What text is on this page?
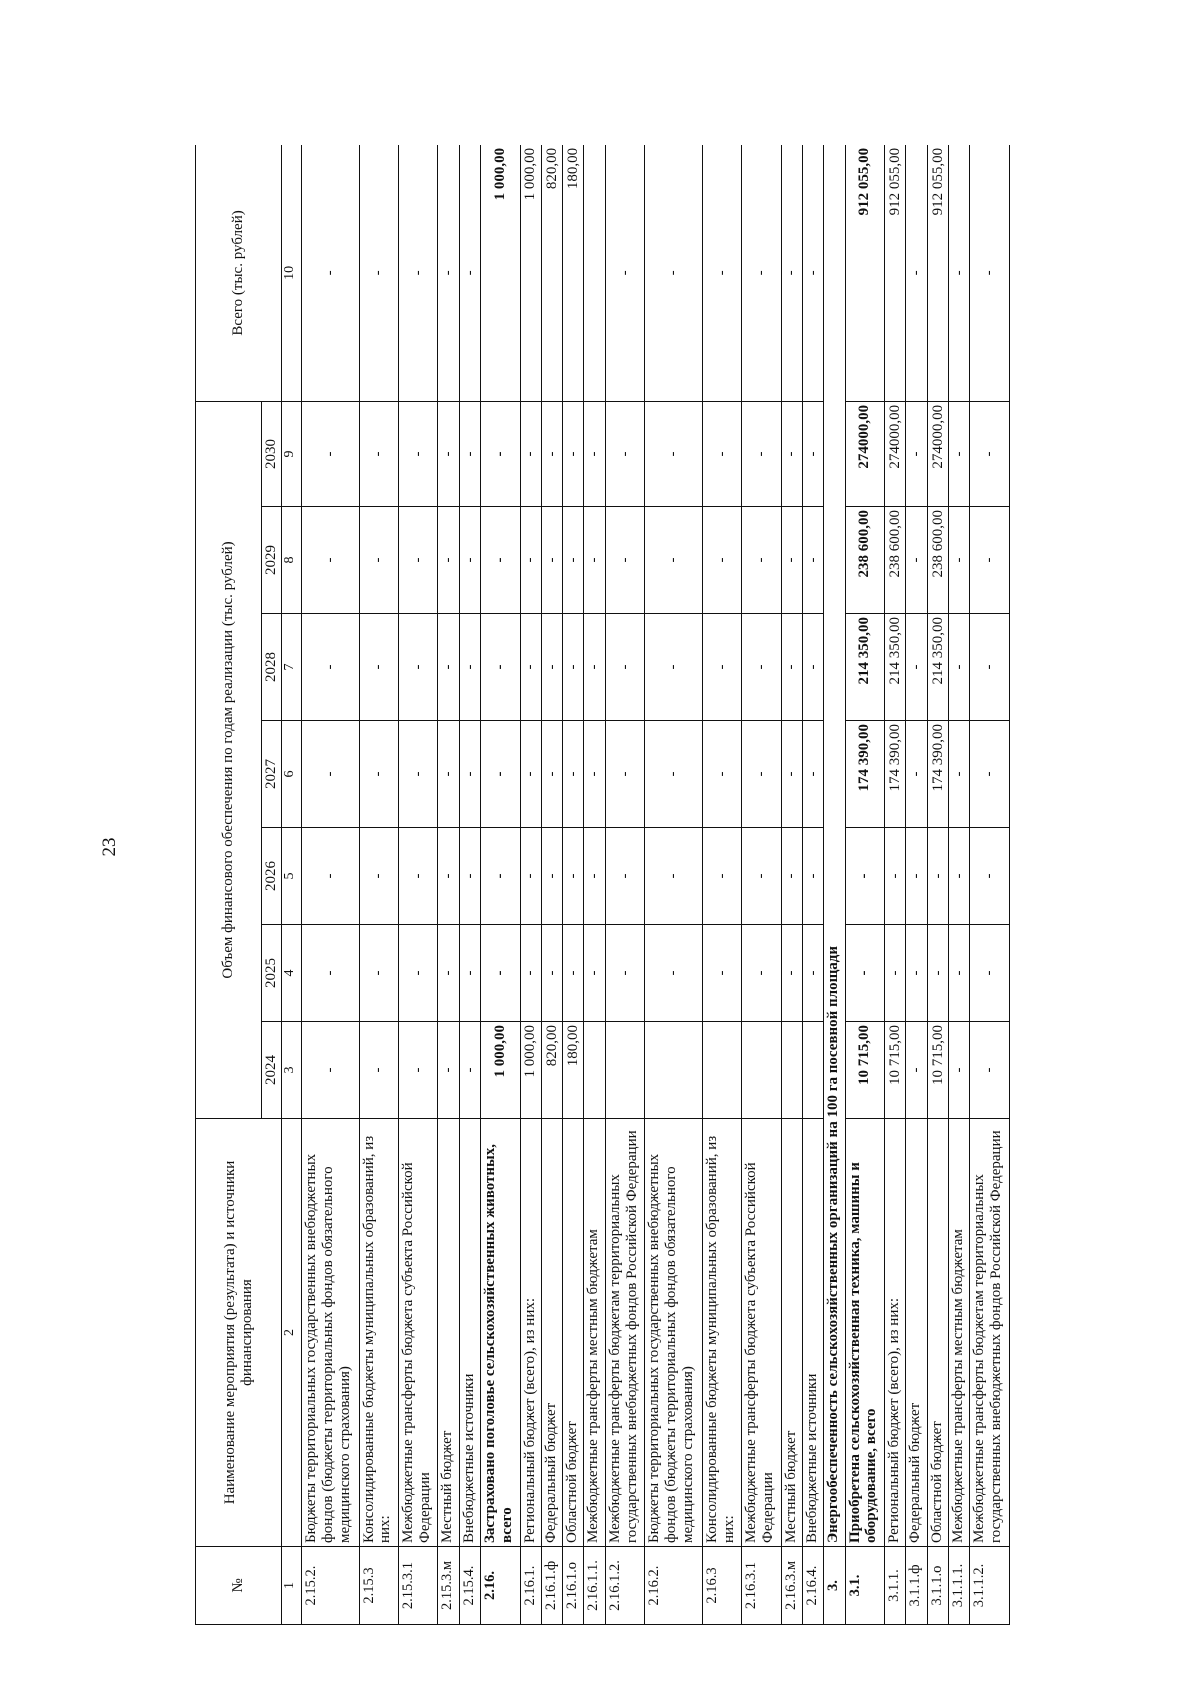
23
№	Наименование мероприятия (результата) и источники финансирования	Объем финансового обеспечения по годам реализации (тыс. рублей)							Всего (тыс. рублей)
		2024	2025	2026	2027	2028	2029	2030	
1	2	3	4	5	6	7	8	9	10
2.15.2.	Бюджеты территориальных государственных внебюджетных фондов (бюджеты территориальных фондов обязательного медицинского страхования)	-	-	-	-	-	-	-	-
2.15.3	Консолидированные бюджеты муниципальных образований, из них:	-	-	-	-	-	-	-	-
2.15.3.1	Межбюджетные трансферты бюджета субъекта Российской Федерации	-	-	-	-	-	-	-	-
2.15.3.м	Местный бюджет	-	-	-	-	-	-	-	-
2.15.4.	Внебюджетные источники	-	-	-	-	-	-	-	-
2.16.	Застраховано поголовье сельскохозяйственных животных, всего	1 000,00	-	-	-	-	-	-	1 000,00
2.16.1.	Региональный бюджет (всего), из них:	1 000,00	-	-	-	-	-	-	1 000,00
2.16.1.ф	Федеральный бюджет	820,00	-	-	-	-	-	-	820,00
2.16.1.о	Областной бюджет	180,00	-	-	-	-	-	-	180,00
2.16.1.1.	Межбюджетные трансферты местным бюджетам		-	-	-	-	-	-	
2.16.1.2.	Межбюджетные трансферты бюджетам территориальных государственных внебюджетных фондов Российской Федерации		-	-	-	-	-	-	-
2.16.2.	Бюджеты территориальных государственных внебюджетных фондов (бюджеты территориальных фондов обязательного медицинского страхования)		-	-	-	-	-	-	-
2.16.3	Консолидированные бюджеты муниципальных образований, из них:		-	-	-	-	-	-	-
2.16.3.1	Межбюджетные трансферты бюджета субъекта Российской Федерации		-	-	-	-	-	-	-
2.16.3.м	Местный бюджет		-	-	-	-	-	-	-
2.16.4.	Внебюджетные источники		-	-	-	-	-	-	-
3.	Энергообеспеченность сельскохозяйственных организаций на 100 га посевной площади								
3.1.	Приобретена сельскохозяйственная техника, машины и оборудование, всего	10 715,00	-	-	174 390,00	214 350,00	238 600,00	274000,00	912 055,00
3.1.1.	Региональный бюджет (всего), из них:	10 715,00	-	-	174 390,00	214 350,00	238 600,00	274000,00	912 055,00
3.1.1.ф	Федеральный бюджет	-	-	-	-	-	-	-	-
3.1.1.о	Областной бюджет	10 715,00	-	-	174 390,00	214 350,00	238 600,00	274000,00	912 055,00
3.1.1.1.	Межбюджетные трансферты местным бюджетам	-	-	-	-	-	-	-	-
3.1.1.2.	Межбюджетные трансферты бюджетам территориальных государственных внебюджетных фондов Российской Федерации	-	-	-	-	-	-	-	-
